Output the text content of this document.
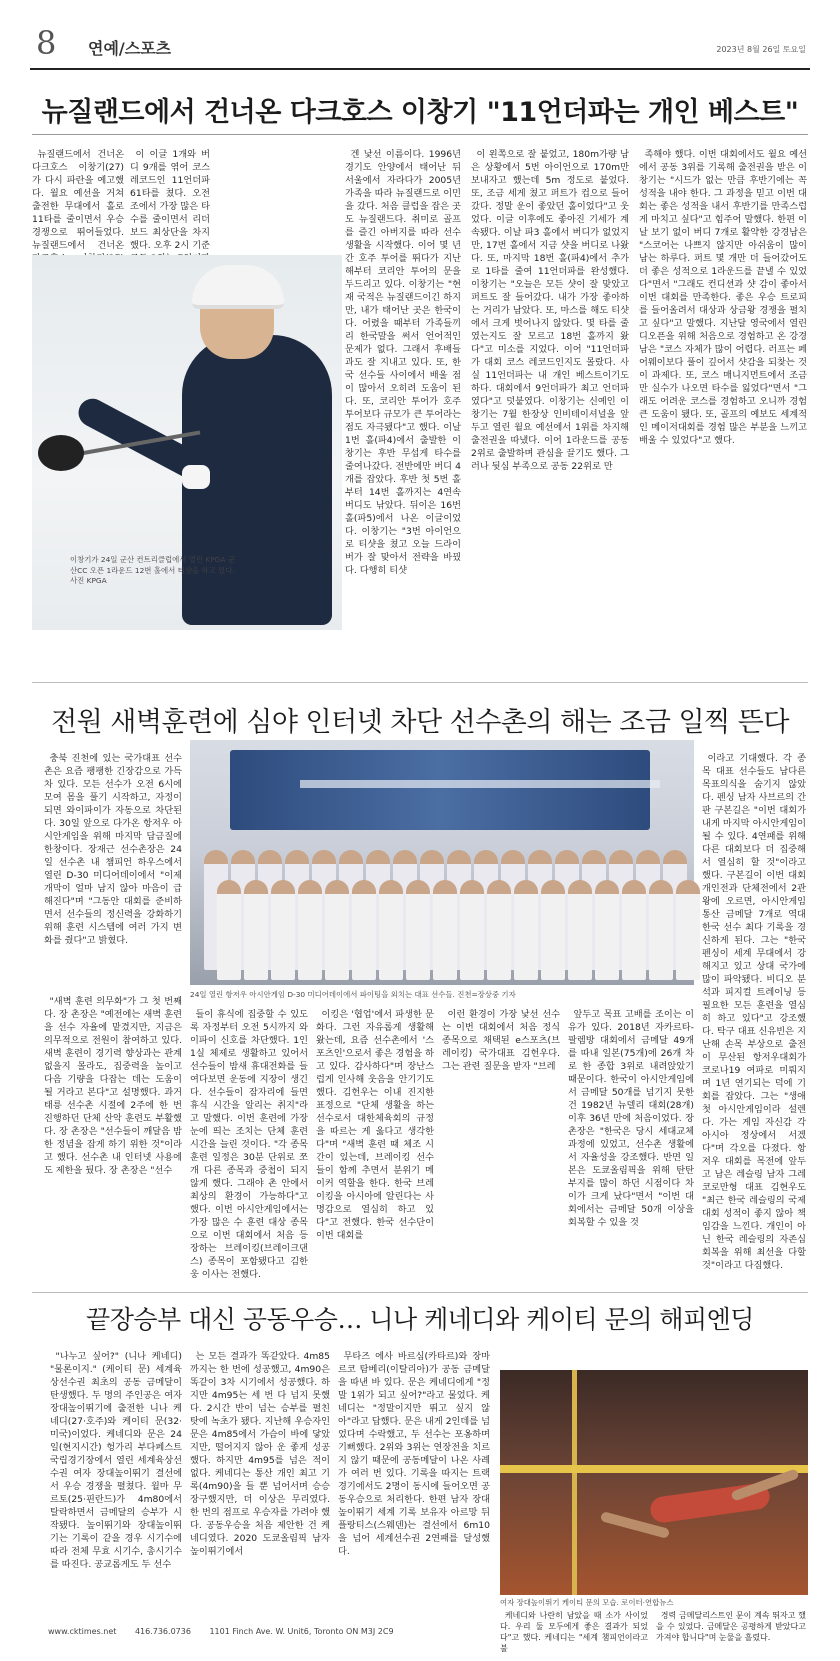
8 연예/스포츠	2023년 8월 26일 토요일
뉴질랜드에서 건너온 다크호스 이창기 "11언더파는 개인 베스트"

뉴질랜드에서 건너온 다크호스 이창기(27)가 다시 파란을 예고했다. 월요 예선을 거쳐 출전한 무대에서 홀로 11타를 줄이면서 우승 경쟁으로 뛰어들었다. 뉴질랜드에서 건너온

이 이글 1개와 버디 9개를 엮어 코스 레코드인 11언더파 61타를 쳤다. 오전조에서 가장 많은 타수를 줄이면서 리더보드 최상단을 차지했다. 오후 2시 기준

이창기가 24일 군산 컨트리클럽에서 열린 KPGA 군산CC 오픈 1라운드 12번 홀에서 티샷을 하고 있다. 사진 KPGA

겐 낯선 이름이다. 1996년 경기도 안양에서 태어난 뒤 서울에서 자라다가 2005년 가족을 따라 뉴질랜드로 이민을 갔다. 처음 클럽을 잡은 곳도 뉴질랜드다. 취미로 골프를 즐긴 아버지를 따라 선수 생활을 시작했다. 이어 몇 년간 호주 투어를 뛰다가 지난해부터 코리안 투어의 문을 두드리고 있다. 이창기는 "현재 국적은 뉴질랜드이긴 하지만, 내가 태어난 곳은 한국이다. 어렸을 때부터 가족들끼리 한국말을 써서 언어적인 문제가 없다. 그래서 후배들과도 잘 지내고 있다. 또, 한국 선수들 사이에서 배울 점이 많아서 오히려 도움이 된다. 또, 코리안 투어가 호주 투어보다 규모가 큰 투어라는 점도 자극됐다"고 했다. 이날 1번 홀(파4)에서 출발한 이창기는 후반 무섭게 타수를 줄여나갔다. 전반에만 버디 4개를 잡았다. 후반 첫 5번 홀부터 14번 홀까지는 4연속 버디도 낚았다. 뒤이은 16번 홀(파5)에서 나온 이글이었다. 이창기는 "3번 아이언으로 티샷을 쳤고 오늘 드라이버가 잘 맞아서 전략을 바꿨다. 다행히 티샷

이 왼쪽으로 잘 붙었고, 180m가량 남은 상황에서 5번 아이언으로 170m만 보내자고 했는데 5m 정도로 붙었다. 또, 조금 세게 쳤고 퍼트가 컵으로 들어갔다. 정말 운이 좋았던 홀이었다"고 웃었다. 이글 이후에도 좋아진 기세가 계속됐다. 이날 파3 홀에서 버디가 없었지만, 17번 홀에서 지금 샷을 버디로 나왔다. 또, 마지막 18번 홀(파4)에서 추가로 1타를 줄여 11언더파를 완성했다. 이창기는 "오늘은 모든 샷이 잘 맞았고 퍼트도 잘 들어갔다. 내가 가장 좋아하는 거리가 남았다. 또, 마스를 해도 티샷에서 크게 벗어나지 않았다. 몇 타를 줄였는지도 잘 모르고 18번 홀까지 왔다"고 미소를 지었다. 이어 "11언더파가 대회 코스 레코드인지도 몰랐다. 사실 11언더파는 내 개인 베스트이기도 하다. 대회에서 9언더파가 최고 언더파였다"고 덧붙였다. 이창기는 신예인 이창기는 7월 한장상 인비테이셔널을 앞두고 열린 월요 예선에서 1위를 차지해 출전권을 따냈다. 이어 1라운드를 공동 2위로 출발하며 관심을 끌기도 했다. 그러나 뒷심 부족으로 공동 22위로 만

족해야 했다. 이번 대회에서도 월요 예선에서 공동 3위를 기록해 출전권을 받은 이창기는 "시드가 없는 만큼 후반기에는 꼭 성적을 내야 한다. 그 과정을 믿고 이번 대회는 좋은 성적을 내서 후반기를 만족스럽게 마치고 싶다"고 힘주어 말했다. 한편 이날 보기 없이 버디 7개로 활약한 강경남은 "스코어는 나쁘지 않지만 아쉬움이 많이 남는 하루다. 퍼트 몇 개만 더 들어갔어도 더 좋은 성적으로 1라운드를 끝낼 수 있었다"면서 "그래도 컨디션과 샷 감이 좋아서 이번 대회를 만족한다. 좋은 우승 트로피를 들어올려서 대상과 상금왕 경쟁을 펼치고 싶다"고 말했다. 지난달 영국에서 열린 디오픈을 위해 처음으로 경험하고 온 강경남은 "코스 자체가 많이 어렵다. 러프는 페어웨이보다 풀이 깊어서 샷감을 되찾는 것이 과제다. 또, 코스 매니지먼트에서 조금만 실수가 나오면 타수를 잃었다"면서 "그래도 어려운 코스를 경험하고 오니까 경험 큰 도움이 됐다. 또, 골프의 예보도 세계적인 메이저대회를 경험 많은 부분을 느끼고 배울 수 있었다"고 했다.

전원 새벽훈련에 심야 인터넷 차단 선수촌의 해는 조금 일찍 뜬다

충북 진천에 있는 국가대표 선수촌은 요즘 팽팽한 긴장감으로 가득 차 있다. 모든 선수가 오전 6시에 모여 몸을 풀기 시작하고, 자정이 되면 와이파이가 자동으로 차단된다. 30일 앞으로 다가온 항저우 아시안게임을 위해 마지막 담금질에 한창이다. 장재근 선수촌장은 24일 선수촌 내 챔피언 하우스에서 열린 D-30 미디어데이에서 "이제 개막이 얼마 남지 않아 마음이 급해진다"며 "그동안 대회를 준비하면서 선수들의 정신력을 강화하기 위해 훈련 시스템에 여러 가지 변화를 줬다"고 밝혔다.

24일 열린 항저우 아시안게임 D-30 미디어데이에서 파이팅을 외치는 대표 선수들. 진천=장상중 기자

"새벽 훈련 의무화"가 그 첫 번째다. 장 촌장은 "예전에는 새벽 훈련을 선수 자율에 맡겼지만, 지금은 의무적으로 전원이 참여하고 있다. 새벽 훈련이 경기력 향상과는 관계없을지 몰라도, 집중력을 높이고 다음 기량을 다잡는 데는 도움이 될 거라고 본다"고 설명했다. 과거 태릉 선수촌 시절에 2주에 한 번 진행하던 단체 산악 훈련도 부활했다. 장 촌장은 "선수들이 깨달음 밤한 정념을 잡게 하기 위한 것"이라고 했다. 선수촌 내 인터넷 사용에도 제한을 뒀다. 장 촌장은 "선수

들이 휴식에 집중할 수 있도록 자정부터 오전 5시까지 와이파이 신호를 차단했다. 1인 1실 체제로 생활하고 있어서 선수들이 밤새 휴대전화를 들여다보면 운동에 지장이 생긴다. 선수들이 잠자리에 들면 휴식 시간을 알리는 취지"라고 말했다. 이번 훈련에 가장 눈에 띄는 조치는 단체 훈련 시간을 늘린 것이다. "각 종목 훈련 일정은 30분 단위로 쪼개 다른 종목과 중첩이 되지 않게 했다. 그래야 촌 안에서 최상의 환경이 가능하다"고 했다. 이번 아시안게임에서는 가장 많은 수 훈련 대상 종목으로 이번 대회에서 처음 등장하는 브레이킹(브레이크댄스) 종목이 포함됐다고 김한웅 이사는 전했다.

이킹은 '협업'에서 파생한 문화다. 그런 자유롭게 생활해 왔는데, 요즘 선수촌에서 '스포츠인'으로서 좋은 경험을 하고 있다. 감사하다"며 장난스럽게 인사해 웃음을 안기기도 했다. 김헌우는 이내 진지한 표정으로 "단체 생활을 하는 선수로서 대한체육회의 규정을 따르는 게 옳다고 생각한다"며 "새벽 훈련 때 체조 시간이 있는데, 브레이킹 선수들이 함께 추면서 분위기 메이커 역할을 한다. 한국 브레이킹을 아시아에 알린다는 사명감으로 열심히 하고 있다"고 전했다. 한국 선수단이 이번 대회를

이런 환경이 가장 낯선 선수는 이번 대회에서 처음 정식 종목으로 채택된 e스포츠(브레이킹) 국가대표 김헌우다. 그는 관련 질문을 받자 "브레

앞두고 목표 고배를 조이는 이유가 있다. 2018년 자카르타-팔렘방 대회에서 금메달 49개를 따내 일본(75개)에 26개 차로 한 종합 3위로 내려앉았기 때문이다. 한국이 아시안게임에서 금메달 50개를 넘기지 못한 건 1982년 뉴델리 대회(28개) 이후 36년 만에 처음이었다. 장 촌장은 "한국은 당시 세대교체 과정에 있었고, 선수촌 생활에서 자율성을 강조했다. 반면 일본은 도쿄올림픽을 위해 탄탄 부지를 많이 하던 시점이다 차이가 크게 났다"면서 "이번 대회에서는 금메달 50개 이상을 회복할 수 있을 것

이라고 기대했다. 각 종목 대표 선수들도 남다른 목표의식을 숨기지 않았다. 펜싱 남자 사브르의 간판 구본길은 "이번 대회가 내게 마지막 아시안게임이 될 수 있다. 4연패를 위해 다른 대회보다 더 집중해서 열심히 할 것"이라고 했다. 구본길이 이번 대회 개인전과 단체전에서 2관왕에 오르면, 아시안게임 통산 금메달 7개로 역대 한국 선수 최다 기록을 경신하게 된다. 그는 "한국 펜싱이 세계 무대에서 강해지고 있고 상대 국가에 많이 파악됐다. 비디오 분석과 피지컬 트레이닝 등 필요한 모든 훈련을 열심히 하고 있다"고 강조했다. 탁구 대표 신유빈은 지난해 손목 부상으로 출전이 무산된 항저우대회가 코로나19 여파로 미뤄지며 1년 연기되는 덕에 기회를 잡았다. 그는 "생애 첫 아시안게임이라 설렌다. 가는 게임 자신감 각 아시아 정상에서 서겠다"며 각오를 다졌다. 항저우 대회를 목전에 앞두고 남은 레슬링 남자 그레코로만형 대표 김현우도 "최근 한국 레슬링의 국제대회 성적이 좋지 않아 책임감을 느낀다. 개인이 아닌 한국 레슬링의 자존심 회복을 위해 최선을 다할 것"이라고 다짐했다.

끝장승부 대신 공동우승… 니나 케네디와 케이티 문의 해피엔딩

"나누고 싶어?" (니나 케네디) "물론이지." (케이티 문) 세계육상선수권 최초의 공동 금메달이 탄생했다. 두 명의 주인공은 여자 장대높이뛰기에 출전한 니나 케네디(27·호주)와 케이티 문(32·미국)이었다. 케네디와 문은 24일(현지시간) 헝가리 부다페스트 국립경기장에서 열린 세계육상선수권 여자 장대높이뛰기 결선에서 우승 경쟁을 펼쳤다. 윌마 무르토(25·핀란드)가 4m80에서 탈락하면서 금메달의 승부가 시작됐다. 높이뛰기와 장대높이뛰기는 기록이 같을 경우 시기수에 따라 전체 무효 시기수, 총시기수를 따진다. 공교롭게도 두 선수

는 모든 결과가 똑같았다. 4m85까지는 한 번에 성공했고, 4m90은 똑같이 3차 시기에서 성공했다. 하지만 4m95는 세 번 다 넘지 못했다. 2시간 반이 넘는 승부를 펼친 탓에 녹초가 됐다. 지난해 우승자인 문은 4m85에서 가슴이 바에 닿았지만, 떨어지지 않아 운 좋게 성공했다. 하지만 4m95를 넘은 적이 없다. 케네디는 통산 개인 최고 기록(4m90)을 들 뿐 넘어서며 승승장구했지만, 더 이상은 무리였다. 한 번의 점프로 우승자를 가려야 했다. 공동우승을 처음 제안한 건 케네디였다. 2020 도쿄올림픽 남자 높이뛰기에서

무타즈 에사 바르심(카타르)와 장마르코 탐베리(이탈리아)가 공동 금메달을 따낸 바 있다. 문은 케네디에게 "정말 1위가 되고 싶어?"라고 물었다. 케네디는 "정말이지만 뛰고 싶지 않아"라고 답했다. 문은 내게 2인데를 넘었다며 수락했고, 두 선수는 포옹하며 기뻐했다. 2위와 3위는 연장전을 치르지 않기 때문에 공동메달이 나온 사례가 여러 번 있다. 기록을 따지는 트랙 경기에서도 2명이 동시에 들어오면 공동우승으로 처리한다. 한편 남자 장대높이뛰기 세계 기록 보유자 아르망 뒤플랑티스(스웨덴)는 결선에서 6m10을 넘어 세계선수권 2연패를 달성했다.

여자 장대높이뛰기 케이티 문의 모습. 로이터·연합뉴스

케네디와 나란히 남았을 때 소가 사이었다. 우리 둘 모두에게 좋은 결과가 되었다"고 했다. 케네디는 "세계 챔피언이라고 불

경력 금메달리스트인 문이 계속 뛰자고 했을 수 있었다. 금메달은 공평하게 받았다고 가져야 합니다"며 눈물을 흘렸다.

www.cktimes.net 416.736.0736 1101 Finch Ave. W. Unit6, Toronto ON M3J 2C9
